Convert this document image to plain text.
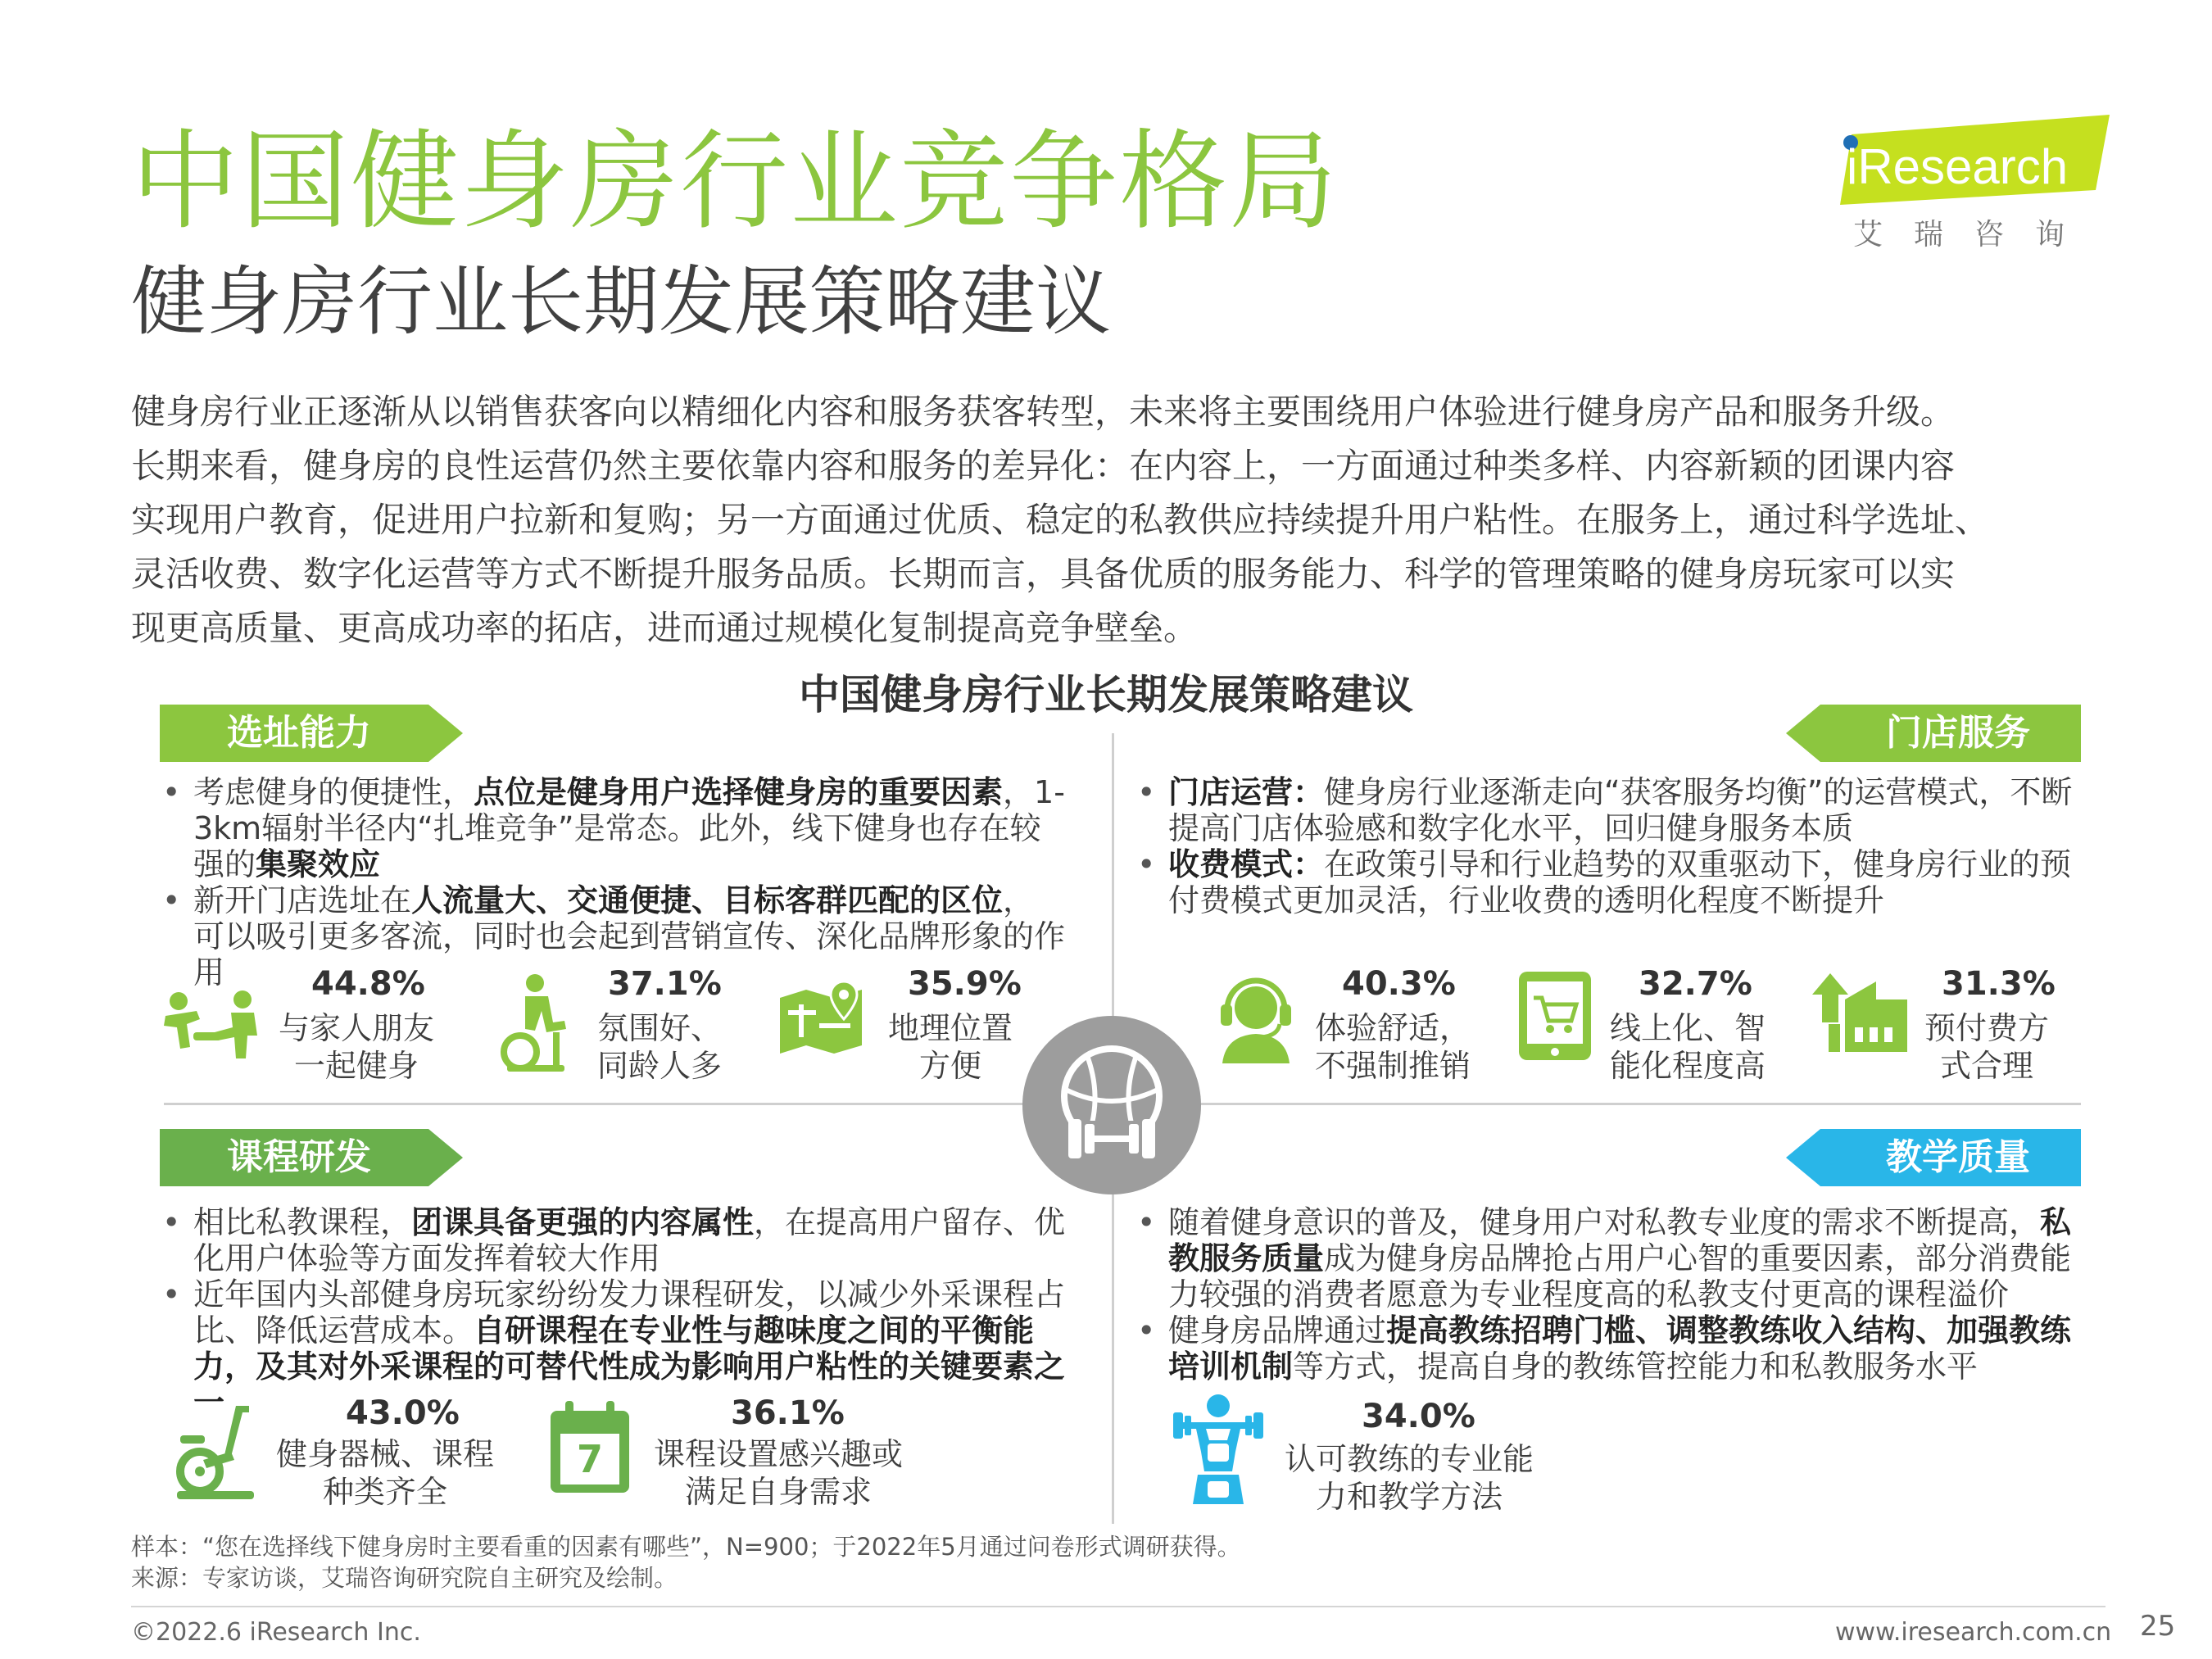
中国健身房行业竞争格局
健身房行业长期发展策略建议
iResearch
艾瑞咨询

健身房行业正逐渐从以销售获客向以精细化内容和服务获客转型，未来将主要围绕用户体验进行健身房产品和服务升级。

长期来看，健身房的良性运营仍然主要依靠内容和服务的差异化：在内容上，一方面通过种类多样、内容新颖的团课内容

实现用户教育，促进用户拉新和复购；另一方面通过优质、稳定的私教供应持续提升用户粘性。在服务上，通过科学选址、

灵活收费、数字化运营等方式不断提升服务品质。长期而言，具备优质的服务能力、科学的管理策略的健身房玩家可以实

现更高质量、更高成功率的拓店，进而通过规模化复制提高竞争壁垒。

中国健身房行业长期发展策略建议
选址能力
• 考虑健身的便捷性，点位是健身用户选择健身房的重要因素，1-3km辐射半径内“扎堆竞争”是常态。此外，线下健身也存在较强的集聚效应
• 新开门店选址在人流量大、交通便捷、目标客群匹配的区位，可以吸引更多客流，同时也会起到营销宣传、深化品牌形象的作用	44.8%
与家人朋友
一起健身
37.1%
氛围好、
同龄人多
35.9%
地理位置
方便
门店服务
• 门店运营：健身房行业逐渐走向“获客服务均衡”的运营模式，不断提高门店体验感和数字化水平，回归健身服务本质
• 收费模式：在政策引导和行业趋势的双重驱动下，健身房行业的预付费模式更加灵活，行业收费的透明化程度不断提升
40.3%
体验舒适，
不强制推销
32.7%
线上化、智
能化程度高
31.3%
预付费方
式合理
课程研发
• 相比私教课程，团课具备更强的内容属性，在提高用户留存、优化用户体验等方面发挥着较大作用
• 近年国内头部健身房玩家纷纷发力课程研发，以减少外采课程占比、降低运营成本。自研课程在专业性与趣味度之间的平衡能力，及其对外采课程的可替代性成为影响用户粘性的关键要素之一	43.0%
健身器械、课程
种类齐全
7
36.1%
课程设置感兴趣或
满足自身需求
教学质量
• 随着健身意识的普及，健身用户对私教专业度的需求不断提高，私教服务质量成为健身房品牌抢占用户心智的重要因素，部分消费能力较强的消费者愿意为专业程度高的私教支付更高的课程溢价
• 健身房品牌通过提高教练招聘门槛、调整教练收入结构、加强教练培训机制等方式，提高自身的教练管控能力和私教服务水平
34.0%
认可教练的专业能
力和教学方法
样本：“您在选择线下健身房时主要看重的因素有哪些”，N=900；于2022年5月通过问卷形式调研获得。
来源：专家访谈，艾瑞咨询研究院自主研究及绘制。
©2022.6 iResearch Inc.	www.iresearch.com.cn 25
